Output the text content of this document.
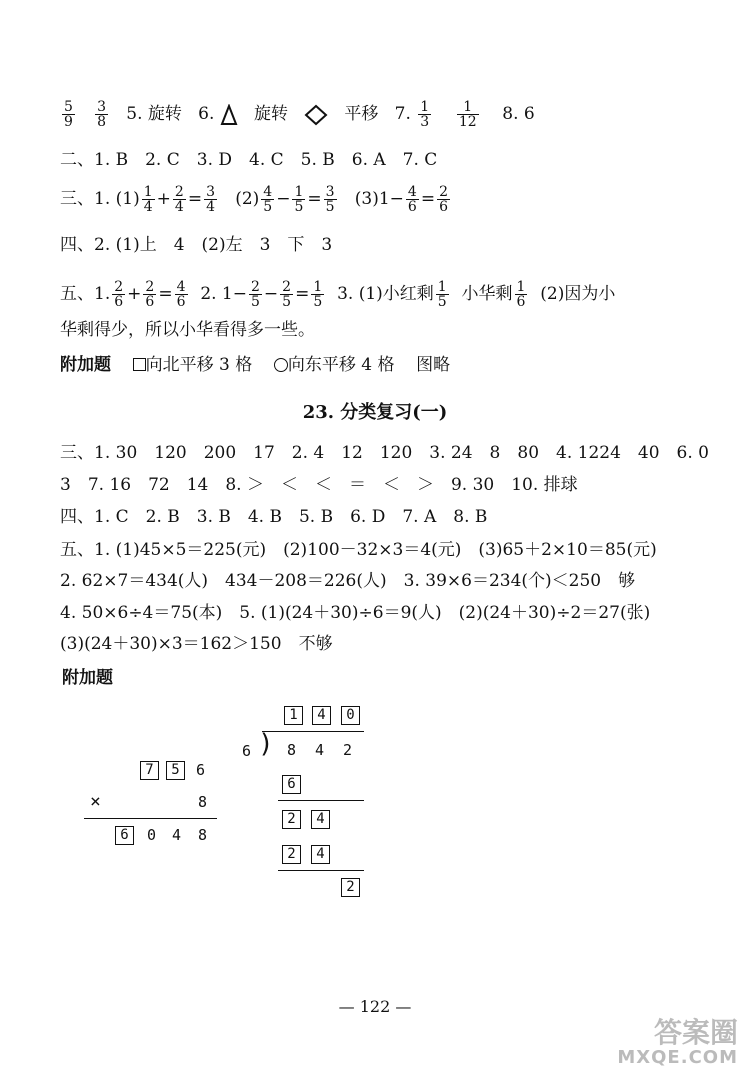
$\frac{5}{9}$
$\frac{3}{8} 5$. 旋转 6. 旋转	平移 7. $\frac{1}{3}$
$\frac{1}{12} 8$. 6
二、1. B　2. C　3. D　4. C　5. B　6. A　7. C
三、1. $(1) \frac{1}{4} + \frac{2}{4} = \frac{3}{4} (2) \frac{4}{5} - \frac{1}{5} = \frac{3}{5} (3)1- \frac{4}{6} = \frac{2}{6}$
四、2. (1)上　4　(2)左　3　下　3
五、1. $\frac{2}{6} + \frac{2}{6} = \frac{4}{6} 2$. $1- \frac{2}{5} - \frac{2}{5} = \frac{1}{5} 3$. (1)小红剩 $\frac{1}{5}$ 小华剩 $\frac{1}{6} (2)$因为小
华剩得少，所以小华看得多一些。
附加题 向北平移 3 格 向东平移 4 格 图略
23. 分类复习(一)
三、1. 30　120　200　17　2. 4　12　120　3. 24　8　80　4. 1224　40　6. 0
3　7. 16　72　14　8. ＞　＜　＜　＝　＜　＞　9. 30　10. 排球
四、1. C　2. B　3. B　4. B　5. B　6. D　7. A　8. B
五、1. (1)45×5＝225(元)　(2)100－32×3＝4(元)　(3)65＋2×10＝85(元)
2. 62×7＝434(人)　434－208＝226(人)　3. 39×6＝234(个)＜250　够
4. 50×6÷4＝75(本)　5. (1)(24＋30)÷6＝9(人)　(2)(24＋30)÷2＝27(张)
(3)(24＋30)×3＝162＞150　不够
附加题
7	5	6
×	8
6	0 4 8
1	4	0
6 ) 8 4 2
6
2	4
2	4
2
— 122 —
答案圈
MXQE.COM
